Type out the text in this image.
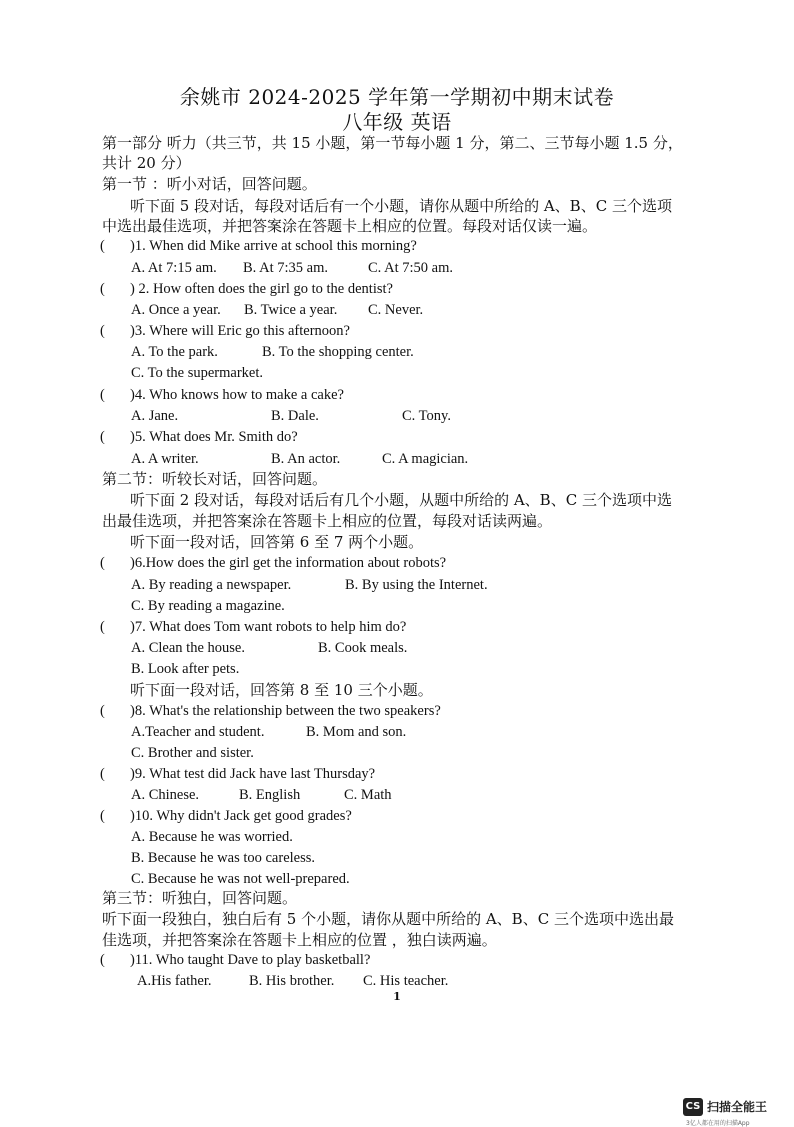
余姚市 2024-2025 学年第一学期初中期末试卷
八年级 英语
第一部分 听力（共三节，共 15 小题，第一节每小题 1 分，第二、三节每小题 1.5 分，
共计 20 分）
第一节 ：听小对话，回答问题。
听下面 5 段对话，每段对话后有一个小题，请你从题中所给的 A、B、C 三个选项
中选出最佳选项，并把答案涂在答题卡上相应的位置。每段对话仅读一遍。
( )1. When did Mike arrive at school this morning?
A. At 7:15 am. B. At 7:35 am.	C. At 7:50 am.
( ) 2. How often does the girl go to the dentist?
A. Once a year. B. Twice a year. C. Never.
( )3. Where will Eric go this afternoon?
A. To the park.	B. To the shopping center.
C. To the supermarket.
( )4. Who knows how to make a cake?
A. Jane.	B. Dale.	C. Tony.
( )5. What does Mr. Smith do?
A. A writer.	B. An actor.	C. A magician.
第二节：听较长对话，回答问题。
听下面 2 段对话，每段对话后有几个小题，从题中所给的 A、B、C 三个选项中选
出最佳选项，并把答案涂在答题卡上相应的位置，每段对话读两遍。
听下面一段对话，回答第 6 至 7 两个小题。
( )6.How does the girl get the information about robots?
A. By reading a newspaper.	B. By using the Internet.
C. By reading a magazine.
( )7. What does Tom want robots to help him do?
A. Clean the house.	B. Cook meals.
B. Look after pets.
听下面一段对话，回答第 8 至 10 三个小题。
( )8. What's the relationship between the two speakers?
A.Teacher and student.	B. Mom and son.
C. Brother and sister.
( )9. What test did Jack have last Thursday?
A. Chinese.	B. English	C. Math
( )10. Why didn't Jack get good grades?
A. Because he was worried.
B. Because he was too careless.
C. Because he was not well-prepared.
第三节：听独白，回答问题。
听下面一段独白，独白后有 5 个小题，请你从题中所给的 A、B、C 三个选项中选出最
佳选项，并把答案涂在答题卡上相应的位置 ，独白读两遍。
( )11. Who taught Dave to play basketball?
A.His father.	B. His brother. C. His teacher.
1
CS 扫描全能王
3亿人都在用的扫描App
